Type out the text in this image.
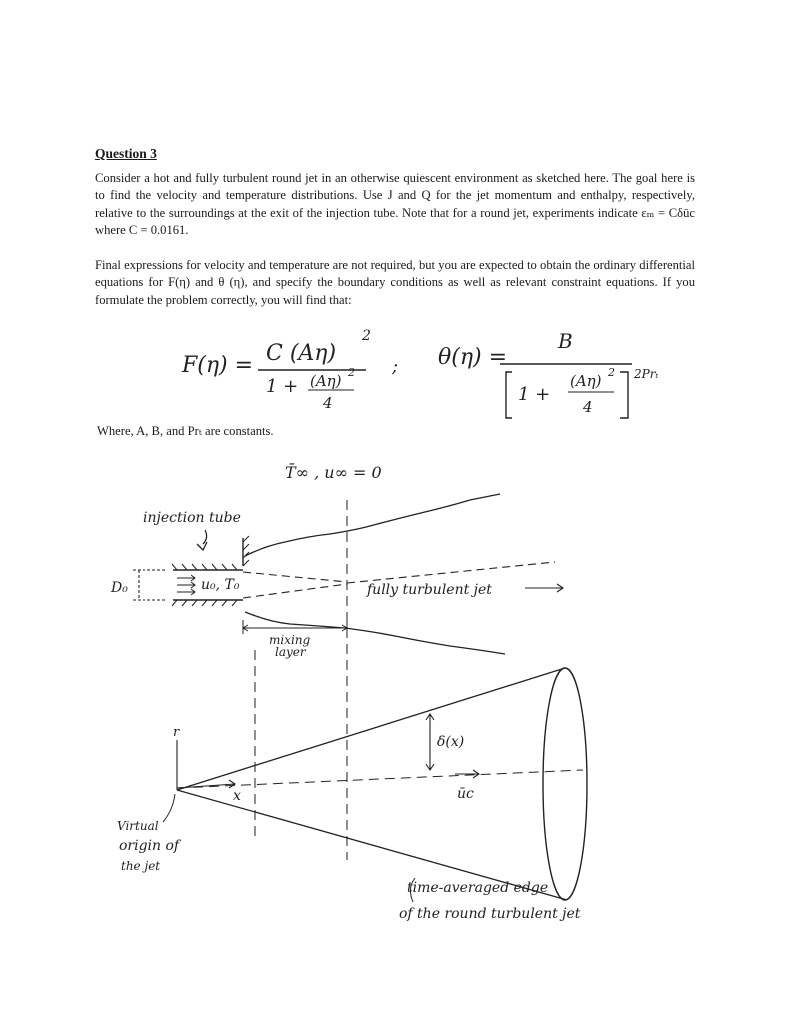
Question 3

Consider a hot and fully turbulent round jet in an otherwise quiescent environment as sketched here. The goal here is to find the velocity and temperature distributions. Use J and Q for the jet momentum and enthalpy, respectively, relative to the surroundings at the exit of the injection tube. Note that for a round jet, experiments indicate εₘ = Cδūc where C = 0.0161.

Final expressions for velocity and temperature are not required, but you are expected to obtain the ordinary differential equations for F(η) and θ (η), and specify the boundary conditions as well as relevant constraint equations. If you formulate the problem correctly, you will find that:

F(η) = C (Aη)
2
1 + (Aη) 2
4
; θ(η) =
B
1 +
(Aη) 2
4
2Prₜ
Where, A, B, and Prₜ are constants.
T̄∞ , u∞ = 0
injection tube
u₀, T₀
D₀	fully turbulent jet
mixing
layer
r
x
δ(x)
ūc
Virtual
origin of
the jet
time-averaged edge
of the round turbulent jet
